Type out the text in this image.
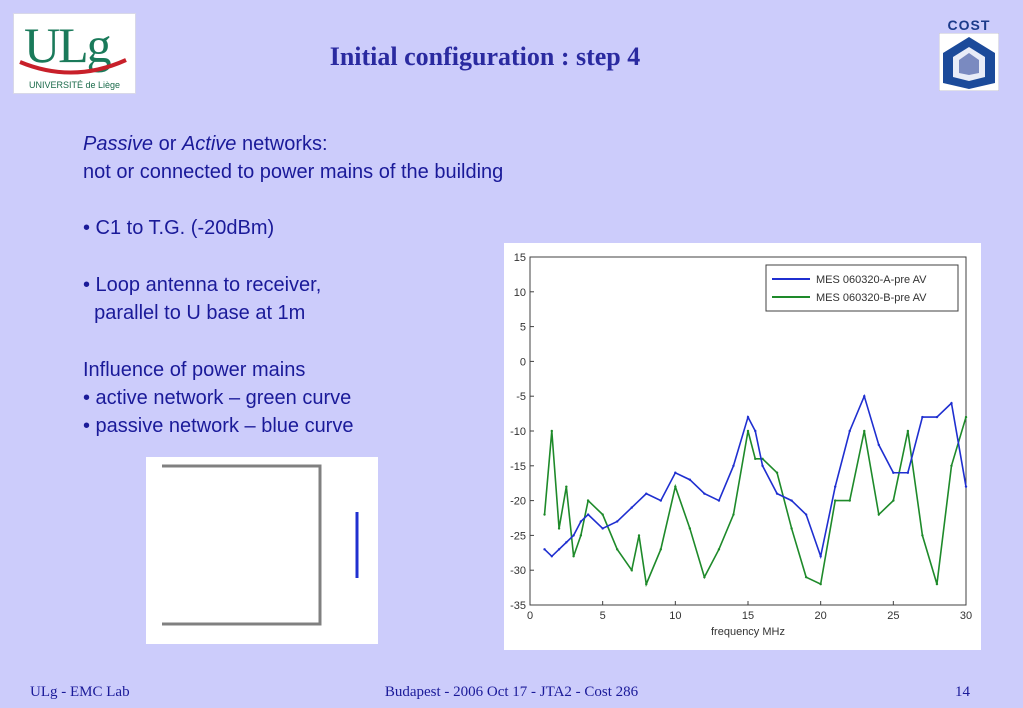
ULg
UNIVERSITÉ de Liège
COST
Initial configuration : step 4
Passive or Active networks:
not or connected to power mains of the building
• C1 to T.G. (-20dBm)
• Loop antenna to receiver,
parallel to U base at 1m
Influence of power mains
• active network – green curve
• passive network – blue curve
0	5	10	15	20	25	30
15
10
5
0
-5
-10
-15
-20
-25
-30
-35
frequency MHz
MES 060320-A-pre AV
MES 060320-B-pre AV
ULg - EMC Lab	Budapest - 2006 Oct 17 - JTA2 - Cost 286	14
